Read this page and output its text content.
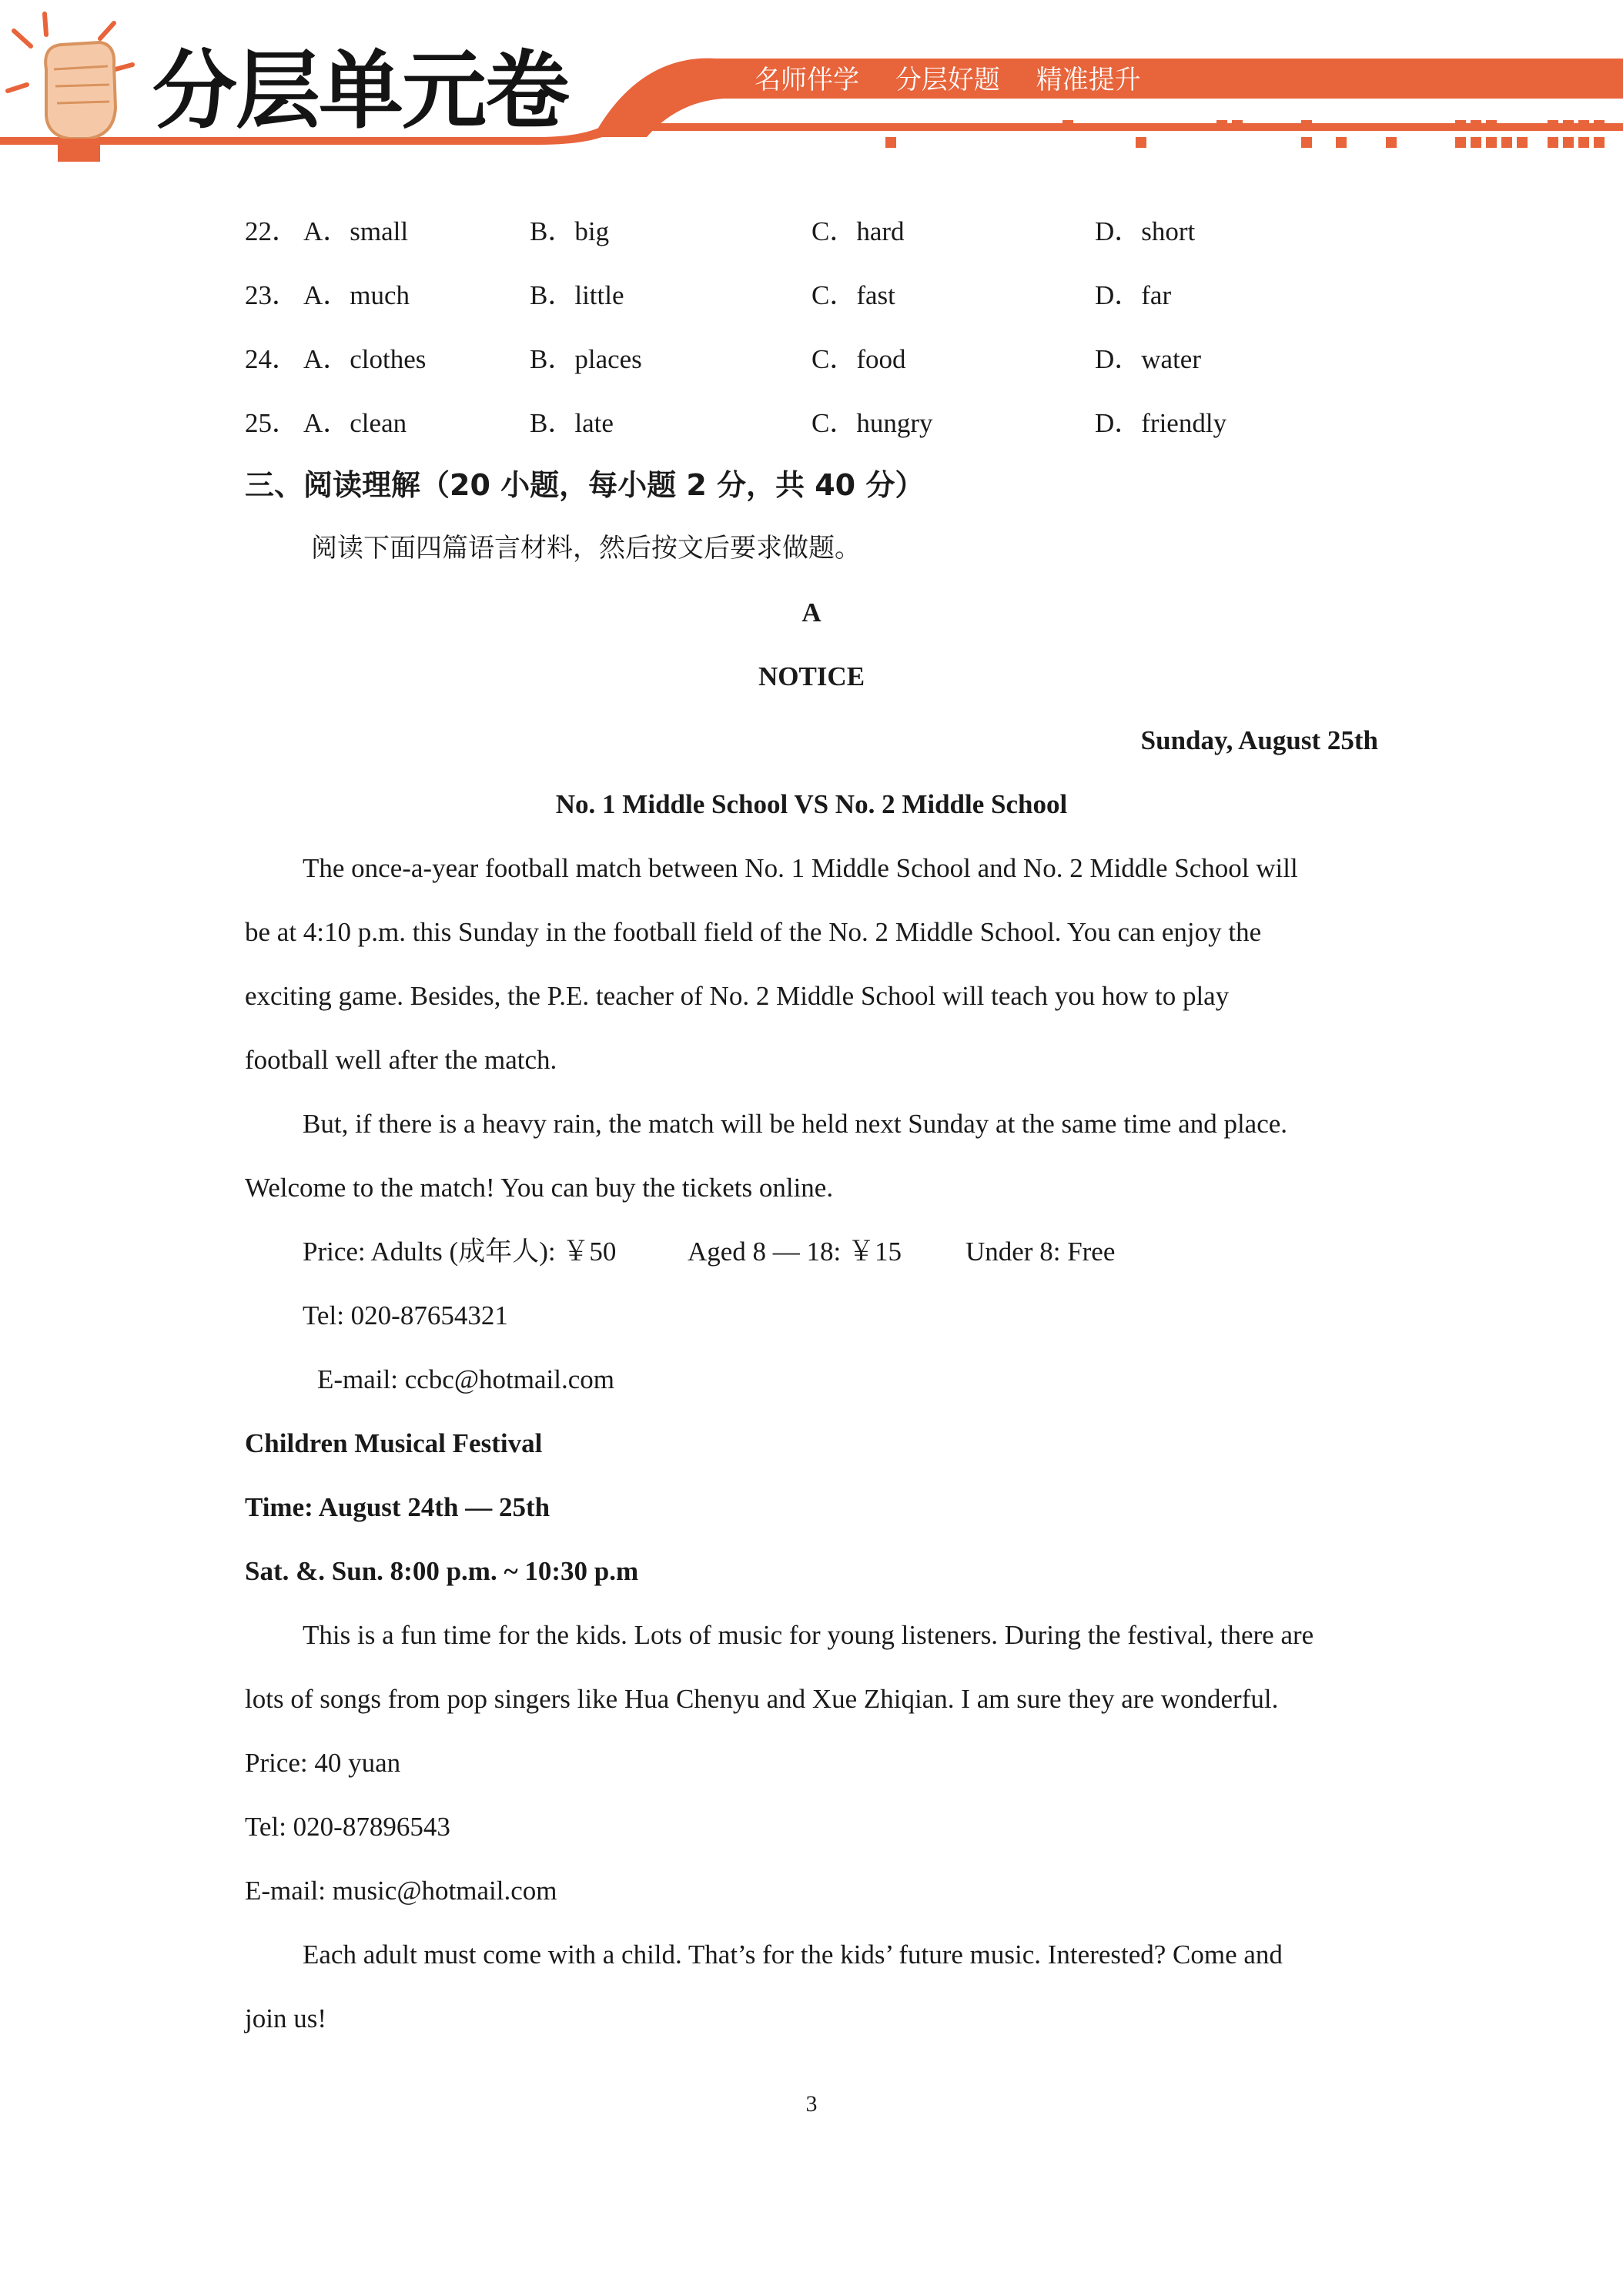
分层单元卷	名师伴学 分层好题 精准提升
22． A．small	B．big	C．hard	D．short
23． A．much	B．little	C．fast	D．far
24． A．clothes	B．places	C．food	D．water
25． A．clean	B．late	C．hungry	D．friendly
三、阅读理解（20 小题，每小题 2 分，共 40 分）
阅读下面四篇语言材料，然后按文后要求做题。
A
NOTICE
Sunday, August 25th
No. 1 Middle School VS No. 2 Middle School
The once-a-year football match between No. 1 Middle School and No. 2 Middle School will
be at 4:10 p.m. this Sunday in the football field of the No. 2 Middle School. You can enjoy the
exciting game. Besides, the P.E. teacher of No. 2 Middle School will teach you how to play
football well after the match.
But, if there is a heavy rain, the match will be held next Sunday at the same time and place.
Welcome to the match! You can buy the tickets online.
Price: Adults (成年人): ￥50	Aged 8 — 18: ￥15 Under 8: Free
Tel: 020-87654321
E-mail: ccbc@hotmail.com
Children Musical Festival
Time: August 24th — 25th
Sat. &. Sun. 8:00 p.m. ~ 10:30 p.m
This is a fun time for the kids. Lots of music for young listeners. During the festival, there are
lots of songs from pop singers like Hua Chenyu and Xue Zhiqian. I am sure they are wonderful.
Price: 40 yuan
Tel: 020-87896543
E-mail: music@hotmail.com
Each adult must come with a child. That’s for the kids’ future music. Interested? Come and
join us!
3
